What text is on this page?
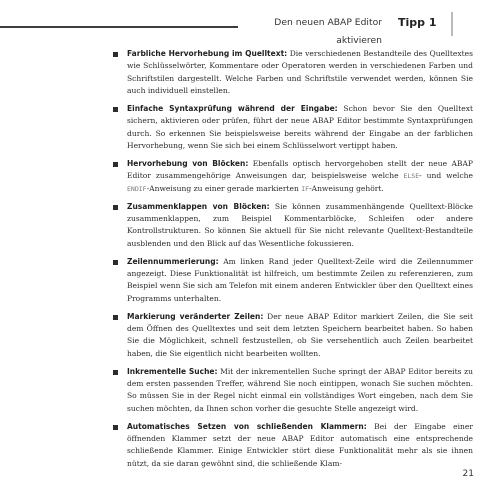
Den neuen ABAP Editor aktivieren
Tipp 1
Farbliche Hervorhebung im Quelltext: Die verschiedenen Bestandteile des Quelltextes wie Schlüsselwörter, Kommentare oder Operatoren werden in verschiedenen Farben und Schriftstilen dargestellt. Welche Farben und Schriftstile verwendet werden, können Sie auch individuell einstellen.
Einfache Syntaxprüfung während der Eingabe: Schon bevor Sie den Quelltext sichern, aktivieren oder prüfen, führt der neue ABAP Editor bestimmte Syntaxprüfungen durch. So erkennen Sie beispielsweise bereits während der Eingabe an der farblichen Hervorhebung, wenn Sie sich bei einem Schlüsselwort vertippt haben.
Hervorhebung von Blöcken: Ebenfalls optisch hervorgehoben stellt der neue ABAP Editor zusammengehörige Anweisungen dar, beispielsweise welche ELSE- und welche ENDIF-Anweisung zu einer gerade markierten IF-Anweisung gehört.
Zusammenklappen von Blöcken: Sie können zusammenhängende Quelltext-Blöcke zusammenklappen, zum Beispiel Kommentarblöcke, Schleifen oder andere Kontrollstrukturen. So können Sie aktuell für Sie nicht relevante Quelltext-Bestandteile ausblenden und den Blick auf das Wesentliche fokussieren.
Zeilennummerierung: Am linken Rand jeder Quelltext-Zeile wird die Zeilennummer angezeigt. Diese Funktionalität ist hilfreich, um bestimmte Zeilen zu referenzieren, zum Beispiel wenn Sie sich am Telefon mit einem anderen Entwickler über den Quelltext eines Programms unterhalten.
Markierung veränderter Zeilen: Der neue ABAP Editor markiert Zeilen, die Sie seit dem Öffnen des Quelltextes und seit dem letzten Speichern bearbeitet haben. So haben Sie die Möglichkeit, schnell festzustellen, ob Sie versehentlich auch Zeilen bearbeitet haben, die Sie eigentlich nicht bearbeiten wollten.
Inkrementelle Suche: Mit der inkrementellen Suche springt der ABAP Editor bereits zu dem ersten passenden Treffer, während Sie noch eintippen, wonach Sie suchen möchten. So müssen Sie in der Regel nicht einmal ein vollständiges Wort eingeben, nach dem Sie suchen möchten, da Ihnen schon vorher die gesuchte Stelle angezeigt wird.
Automatisches Setzen von schließenden Klammern: Bei der Eingabe einer öffnenden Klammer setzt der neue ABAP Editor automatisch eine entsprechende schließende Klammer. Einige Entwickler stört diese Funktionalität mehr als sie ihnen nützt, da sie daran gewöhnt sind, die schließende Klam-
21
